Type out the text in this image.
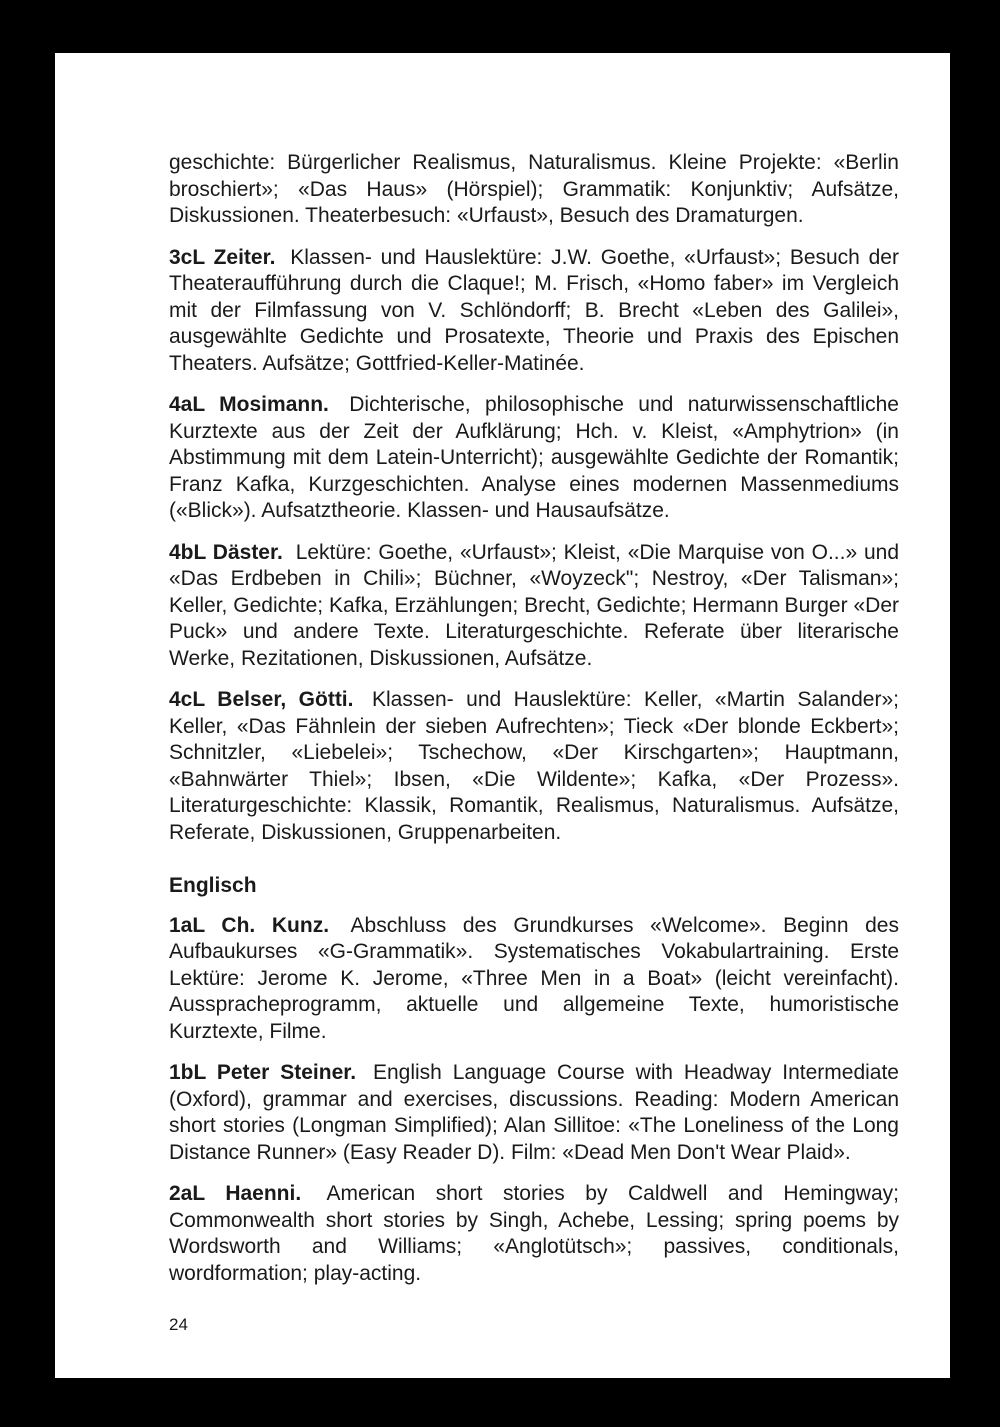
geschichte: Bürgerlicher Realismus, Naturalismus. Kleine Projekte: «Berlin broschiert»; «Das Haus» (Hörspiel); Grammatik: Konjunktiv; Aufsätze, Diskussionen. Theaterbesuch: «Urfaust», Besuch des Dramaturgen.

3cL Zeiter. Klassen- und Hauslektüre: J.W. Goethe, «Urfaust»; Besuch der Theateraufführung durch die Claque!; M. Frisch, «Homo faber» im Vergleich mit der Filmfassung von V. Schlöndorff; B. Brecht «Leben des Galilei», ausgewählte Gedichte und Prosatexte, Theorie und Praxis des Epischen Theaters. Aufsätze; Gottfried-Keller-Matinée.

4aL Mosimann. Dichterische, philosophische und naturwissenschaftliche Kurztexte aus der Zeit der Aufklärung; Hch. v. Kleist, «Amphytrion» (in Abstimmung mit dem Latein-Unterricht); ausgewählte Gedichte der Romantik; Franz Kafka, Kurzgeschichten. Analyse eines modernen Massenmediums («Blick»). Aufsatztheorie. Klassen- und Hausaufsätze.

4bL Däster. Lektüre: Goethe, «Urfaust»; Kleist, «Die Marquise von O...» und «Das Erdbeben in Chili»; Büchner, «Woyzeck"; Nestroy, «Der Talisman»; Keller, Gedichte; Kafka, Erzählungen; Brecht, Gedichte; Hermann Burger «Der Puck» und andere Texte. Literaturgeschichte. Referate über literarische Werke, Rezitationen, Diskussionen, Aufsätze.

4cL Belser, Götti. Klassen- und Hauslektüre: Keller, «Martin Salander»; Keller, «Das Fähnlein der sieben Aufrechten»; Tieck «Der blonde Eckbert»; Schnitzler, «Liebelei»; Tschechow, «Der Kirschgarten»; Hauptmann, «Bahnwärter Thiel»; Ibsen, «Die Wildente»; Kafka, «Der Prozess». Literaturgeschichte: Klassik, Romantik, Realismus, Naturalismus. Aufsätze, Referate, Diskussionen, Gruppenarbeiten.

Englisch

1aL Ch. Kunz. Abschluss des Grundkurses «Welcome». Beginn des Aufbaukurses «G-Grammatik». Systematisches Vokabulartraining. Erste Lektüre: Jerome K. Jerome, «Three Men in a Boat» (leicht vereinfacht). Ausspracheprogramm, aktuelle und allgemeine Texte, humoristische Kurztexte, Filme.

1bL Peter Steiner. English Language Course with Headway Intermediate (Oxford), grammar and exercises, discussions. Reading: Modern American short stories (Longman Simplified); Alan Sillitoe: «The Loneliness of the Long Distance Runner» (Easy Reader D). Film: «Dead Men Don't Wear Plaid».

2aL Haenni. American short stories by Caldwell and Hemingway; Commonwealth short stories by Singh, Achebe, Lessing; spring poems by Wordsworth and Williams; «Anglotütsch»; passives, conditionals, wordformation; play-acting.

24
